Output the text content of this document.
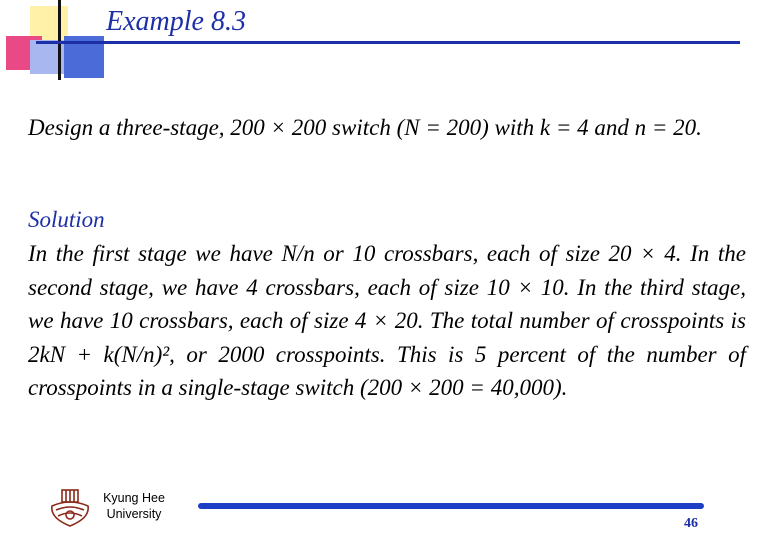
Example 8.3
Design a three-stage, 200 × 200 switch (N = 200) with k = 4 and n = 20.
Solution
In the first stage we have N/n or 10 crossbars, each of size 20 × 4. In the second stage, we have 4 crossbars, each of size 10 × 10. In the third stage, we have 10 crossbars, each of size 4 × 20. The total number of crosspoints is 2kN + k(N/n)², or 2000 crosspoints. This is 5 percent of the number of crosspoints in a single-stage switch (200 × 200 = 40,000).
Kyung Hee
University
46
